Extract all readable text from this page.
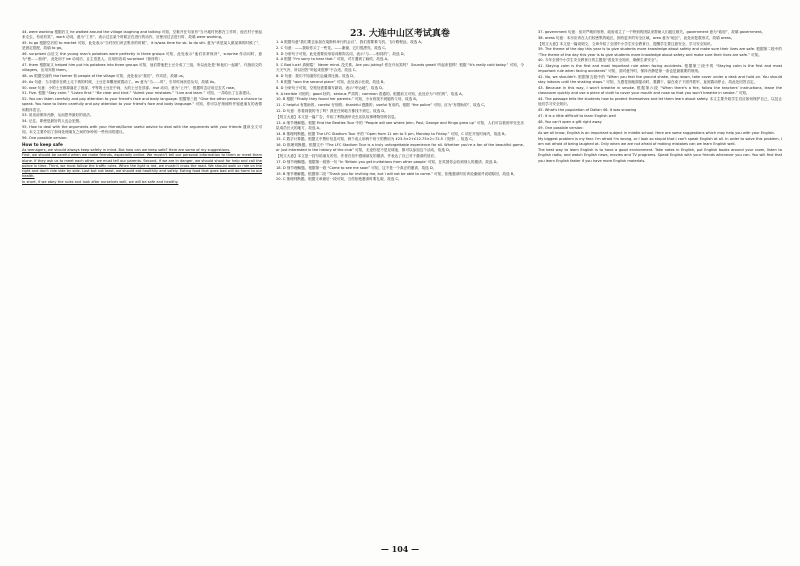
44. were working 根据后文 he walked around the village laughing and talking 可知，空难开在句室有“当兴地村民都在工作时，他在村子里起来走去，有说有笑”，work 动词，意为“工作”，表示过去某个时候正在进行的动作，应使用过去进行时，故填 were working。

45. to go 根据空后的 to market 可知，此处表示“当村民们该去集市的时候”，it is/was time for sb. to do sth. 意为“该是某人做某事的时候了”，是固定搭配，故填 to go。

46. surprised 由后文 the young man's potatoes were perfectly in three groups 可知，此处表示“他们非常惊讶”，surprise 作动词时，意为“使……惊讶”，此处用于 be 动词后，且主语是人，应用形容词 surprised（惊讶的）。

47. them 根据前文 helped him put his potatoes into three groups 可知，他们帮他把土豆分成了三组，所以此处是“和他们一起做”，代指前文的 villagers，应用宾格 them。

48. us 根据空前的 the farmer 和 people of the village 可知，此处表示“我们”，作宾语，故填 us。

49. As 句意：当丰德市在路上走下坡的时候，土豆在草棚里被震动了。as 意为“当……时”，引导时间状语从句，故填 As。

50. rose 句意：小的土豆都掉落在了底部，中等的土豆在中间，大的土豆在顶部。rise 动词，意为“上升”，根据时态应用过去式 rose。

51. Five. 根据 “Stay calm.” “Listen first.” “Be clear and kind.” “Admit your mistakes.” “Live and learn.” 可知，一共给出了五条建议。

52. You can listen carefully and pay attention to your friend's face and body language. 根据第三段 “Give the other person a chance to speak. You have to listen carefully and pay attention to your friend's face and body language.” 可知，你可以仔细倾听并留意朋友的表情和肢体语言。

53. 说话前保持冷静，从而思考最好的说法。

54. 记住，即使是最好的人也会犯错。

55. How to deal with the arguments with your friends/Some useful advice to deal with the arguments with your friends 通读全文可知，本文主要介绍了如何处理朋友之间的争吵的一些有用的建议。

56. One possible version:

How to keep safe

As teenagers, we should always keep safety in mind. But how can we keep safe? Here are some of my suggestions.

First, we should be careful when we make friends, especially online. We mustn't tell our personal information to them or meet them alone. If they ask us to meet each other, we must tell our parents. Second, if we are in danger, we should shout for help and call the police in time. Third, we must follow the traffic rules. When the light is red, we mustn't cross the road. We should walk or ride on the right and don't ride side by side. Last but not least, we should eat healthily and safely. Eating food that goes bad will do harm to our health.

In short, if we obey the rules and look after ourselves well, we will be safe and healthy.

23. 大连中山区考试真卷

1. A 根据句意“我们要去参加在莫斯科举行的会议”，我们需要乘飞机，飞行路程远，故选 A。

2. C 句意：——我给你买了一些花。——谢谢，它们很漂亮。故选 C。

3. D 分析句子可知，此处需要用形容词修饰名词，表示“与……相同的”，故选 D。

4. A 根据 “I'm sorry to hear that.” 可知，对方遇到了麻烦，故选 A。

5. C Bad luck! 真倒霉！ Never mind. 没关系。Are you joking? 你在开玩笑吗？ Sounds great! 听起来很棒！根据 “It's really cold today.” 可知，今天天气冷，所以回答“听起来很棒”不合适，故选 C。

6. D 句意：我们不知道你们会赢得比赛。故选 D。

7. B 根据 “won the second place” 可知，此处表示比较，故选 B。

8. D 分析句子可知，空格处需要填写副词，表示“幸运地”，故选 D。

9. A terrible 可怕的；good 好的；serious 严肃的；common 普通的。根据前文可知，此处应为“可怕的”，故选 A。

10. B 根据 “Finally they found her parents.” 可知，小女孩找不到她的父母，故选 B。

11. C helpful 有帮助的；careful 仔细的；thankful 感激的；useful 有用的。根据 “the police” 可知，应为“有帮助的”，故选 C。

12. D 句意：你看到我的书了吗？我在任何地方都找不到它。故选 D。

【短文大意】本文是一篇广告，介绍了利物浦甲壳虫乐队故事博物馆的信息。

13. A 细节理解题。根据 Find the Beatles Tour 中的 “People will see where John, Paul, George and Ringo grew up” 可知，人们可以看到甲壳虫乐队成员长大的地方，故选 A。

14. B 推理判断题。根据 The LFC Stadium Tour 中的 “Open from 11 am to 5 pm, Monday to Friday.” 可知，C 项在开放时间内，故选 B。

15. C 数字计算题。根据文中票价信息可知，两个成人和两个孩子的费用为 £23.5×2+£12.75×2=72.5（英镑），故选 C。

16. D 推理判断题。根据文中 “The LFC Stadium Tour is a truly unforgettable experience for all. Whether you're a fan of the beautiful game, or just interested in the history of the club” 可知，无论你是不是足球迷，都可以参加这个活动，故选 D。

【短文大意】本文是一封写给朋友的信，作者在信中感谢朋友的邀请，并表达了自己对于邀请的回应。

17. D 细节理解题。根据第一段第一句 “In 'Britain you get invitations from other people' 可知，在英国你会收到别人的邀请，故选 D。

18. D 细节理解题。根据第一段 “Come to see me soon” 可知，这不是一个真正的邀请，故选 D。

19. B 细节理解题。根据第二段 “Thank you for inviting me, but I will not be able to come.” 可知，拒绝邀请时应该说谢谢并说明原因，故选 B。

20. C 推理判断题。根据文章最后一段可知，当你拒绝邀请时要礼貌，故选 C。

37. government 句意：但对严峻的形势，政府成立了一个特别的团队来帮助人们渡过难关。government 意为“政府”，故填 government。

38. areas 句意：本市应该在人们较密集的地区，拥有更多的安全区域。area 意为“地区”，此处用复数形式，故填 areas。

【短文大意】本文是一篇说明文，文章介绍了全国中小学生安全教育日，提醒学生要注意安全，学习安全知识。

39. The theme of the day this year is to give students more knowledge about safety and make sure their lives are safe. 根据第二段中的 “The theme of the day this year is to give students more knowledge about safety and make sure their lives are safe.” 可知。

40. 今年全国中小学生安全教育日的主题是“普及安全知识，确保生命安全”。

41. Staying calm is the first and most important rule when facing accidents. 根据第三段中的 “Staying calm is the first and most important rule when facing accidents” 可知，面对意外时，保持冷静是第一条也是最重要的规则。

42. No, we shouldn't. 根据第五段中的 “When you feel the ground shake, drop down, take cover under a desk and hold on. You should stay indoors until the shaking stops.” 可知，当感觉到地面摇动时，要蹲下，躲在桌子下面并抓牢，直到震动停止，故此处回答否定。

43. Because in this way, I won't breathe in smoke. 根据第六段 “When there's a fire, follow the teachers' instructions, leave the classroom quickly and use a piece of cloth to cover your mouth and nose so that you won't breathe in smoke.” 可知。

44. The passage tells the students how to protect themselves and let them learn about safety. 本文主要介绍学生们应如何保护自己，以及让他们学习安全知识。

45. What's the population of Dalian 46. It was snowing

47. It is a little difficult to learn English well

48. You can't open a gift right away

49. One possible version:

As we all know, English is an important subject in middle school. Here are some suggestions which may help you with your English.

My biggest problem is my fear. I'm afraid I'm wrong, or I look so stupid that I can't speak English at all. In order to solve this problem, I am not afraid of being laughed at. Only when we are not afraid of making mistakes can we learn English well.

The best way to learn English is to have a good environment. Take notes in English, put English books around your room, listen to English radio, and watch English news, movies and TV programs. Speak English with your friends whenever you can. You will find that you learn English faster if you have more English materials.

— 104 —
